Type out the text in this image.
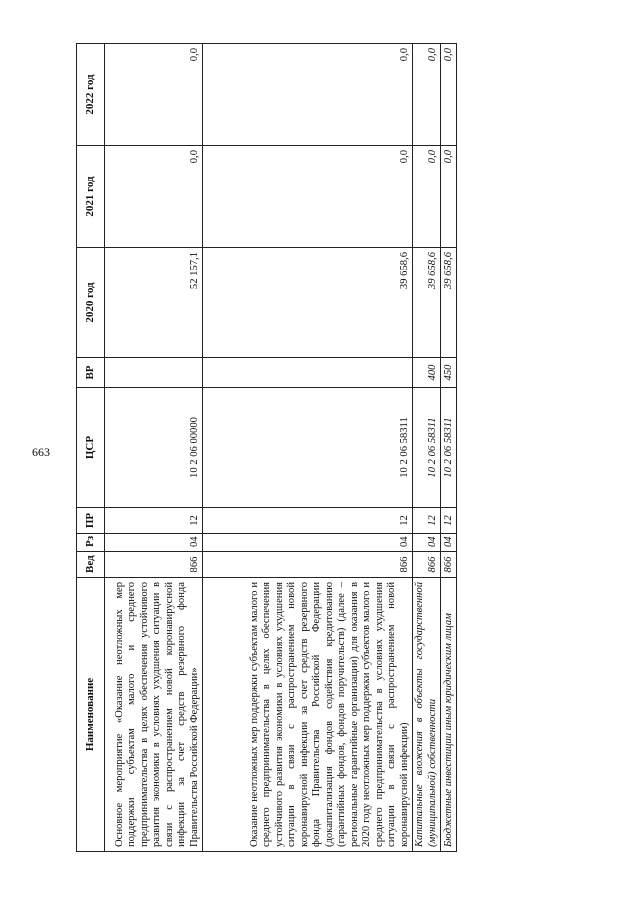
663
Наименование	Вед	Рз	ПР	ЦСР	ВР	2020 год	2021 год	2022 год
Основное мероприятие «Оказание неотложных мер поддержки субъектам малого и среднего предпринимательства в целях обеспечения устойчивого развития экономики в условиях ухудшения ситуации в связи с распространением новой коронавирусной инфекции за счет средств резервного фонда Правительства Российской Федерации»	866	04	12	10 2 06 00000		52 157,1	0,0	0,0
Оказание неотложных мер поддержки субъектам малого и среднего предпринимательства в целях обеспечения устойчивого развития экономики в условиях ухудшения ситуации в связи с распространением новой коронавирусной инфекции за счет средств резервного фонда Правительства Российской Федерации (докапитализация фондов содействия кредитованию (гарантийных фондов, фондов поручительств) (далее – региональные гарантийные организации) для оказания в 2020 году неотложных мер поддержки субъектов малого и среднего предпринимательства в условиях ухудшения ситуации в связи с распространением новой коронавирусной инфекции)	866	04	12	10 2 06 58311		39 658,6	0,0	0,0
Капитальные вложения в объекты государственной (муниципальной) собственности	866	04	12	10 2 06 58311	400	39 658,6	0,0	0,0
Бюджетные инвестиции иным юридическим лицам	866	04	12	10 2 06 58311	450	39 658,6	0,0	0,0
